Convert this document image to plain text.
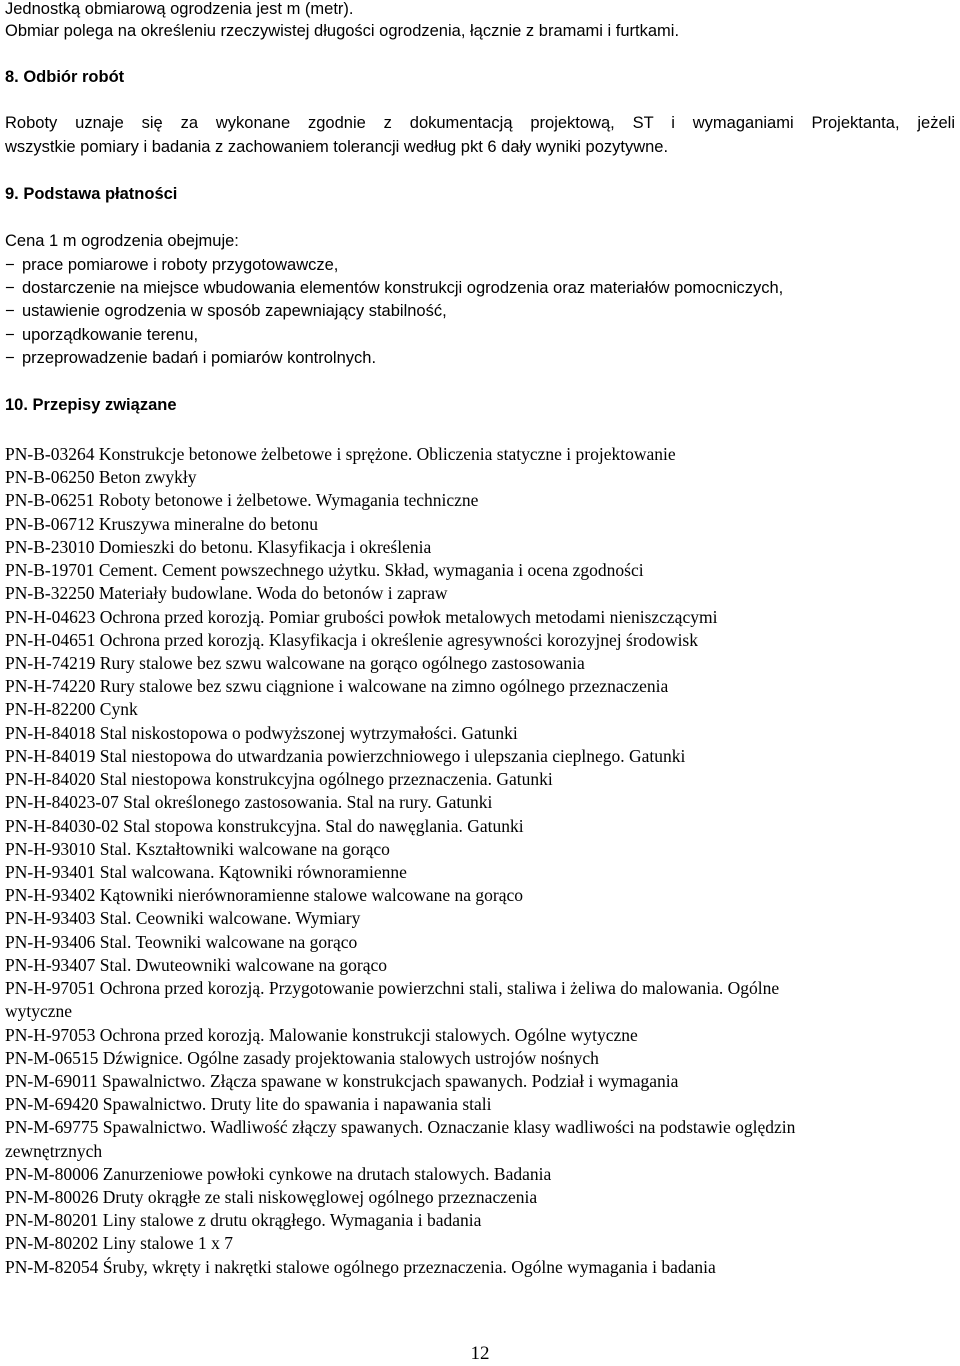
Jednostką obmiarową ogrodzenia jest m (metr).
Obmiar polega na określeniu rzeczywistej długości ogrodzenia, łącznie z bramami i furtkami.
8. Odbiór robót
Roboty uznaje się za wykonane zgodnie z dokumentacją projektową, ST i wymaganiami Projektanta, jeżeli
wszystkie pomiary i badania z zachowaniem tolerancji według pkt 6 dały wyniki pozytywne.
9. Podstawa płatności
Cena 1 m ogrodzenia obejmuje:
− prace pomiarowe i roboty przygotowawcze,
− dostarczenie na miejsce wbudowania elementów konstrukcji ogrodzenia oraz materiałów pomocniczych,
− ustawienie ogrodzenia w sposób zapewniający stabilność,
− uporządkowanie terenu,
− przeprowadzenie badań i pomiarów kontrolnych.
10. Przepisy związane
PN-B-03264 Konstrukcje betonowe żelbetowe i sprężone. Obliczenia statyczne i projektowanie
PN-B-06250 Beton zwykły
PN-B-06251 Roboty betonowe i żelbetowe. Wymagania techniczne
PN-B-06712 Kruszywa mineralne do betonu
PN-B-23010 Domieszki do betonu. Klasyfikacja i określenia
PN-B-19701 Cement. Cement powszechnego użytku. Skład, wymagania i ocena zgodności
PN-B-32250 Materiały budowlane. Woda do betonów i zapraw
PN-H-04623 Ochrona przed korozją. Pomiar grubości powłok metalowych metodami nieniszczącymi
PN-H-04651 Ochrona przed korozją. Klasyfikacja i określenie agresywności korozyjnej środowisk
PN-H-74219 Rury stalowe bez szwu walcowane na gorąco ogólnego zastosowania
PN-H-74220 Rury stalowe bez szwu ciągnione i walcowane na zimno ogólnego przeznaczenia
PN-H-82200 Cynk
PN-H-84018 Stal niskostopowa o podwyższonej wytrzymałości. Gatunki
PN-H-84019 Stal niestopowa do utwardzania powierzchniowego i ulepszania cieplnego. Gatunki
PN-H-84020 Stal niestopowa konstrukcyjna ogólnego przeznaczenia. Gatunki
PN-H-84023-07 Stal określonego zastosowania. Stal na rury. Gatunki
PN-H-84030-02 Stal stopowa konstrukcyjna. Stal do nawęglania. Gatunki
PN-H-93010 Stal. Kształtowniki walcowane na gorąco
PN-H-93401 Stal walcowana. Kątowniki równoramienne
PN-H-93402 Kątowniki nierównoramienne stalowe walcowane na gorąco
PN-H-93403 Stal. Ceowniki walcowane. Wymiary
PN-H-93406 Stal. Teowniki walcowane na gorąco
PN-H-93407 Stal. Dwuteowniki walcowane na gorąco
PN-H-97051 Ochrona przed korozją. Przygotowanie powierzchni stali, staliwa i żeliwa do malowania. Ogólne
wytyczne
PN-H-97053 Ochrona przed korozją. Malowanie konstrukcji stalowych. Ogólne wytyczne
PN-M-06515 Dźwignice. Ogólne zasady projektowania stalowych ustrojów nośnych
PN-M-69011 Spawalnictwo. Złącza spawane w konstrukcjach spawanych. Podział i wymagania
PN-M-69420 Spawalnictwo. Druty lite do spawania i napawania stali
PN-M-69775 Spawalnictwo. Wadliwość złączy spawanych. Oznaczanie klasy wadliwości na podstawie oględzin
zewnętrznych
PN-M-80006 Zanurzeniowe powłoki cynkowe na drutach stalowych. Badania
PN-M-80026 Druty okrągłe ze stali niskowęglowej ogólnego przeznaczenia
PN-M-80201 Liny stalowe z drutu okrągłego. Wymagania i badania
PN-M-80202 Liny stalowe 1 x 7
PN-M-82054 Śruby, wkręty i nakrętki stalowe ogólnego przeznaczenia. Ogólne wymagania i badania
12
